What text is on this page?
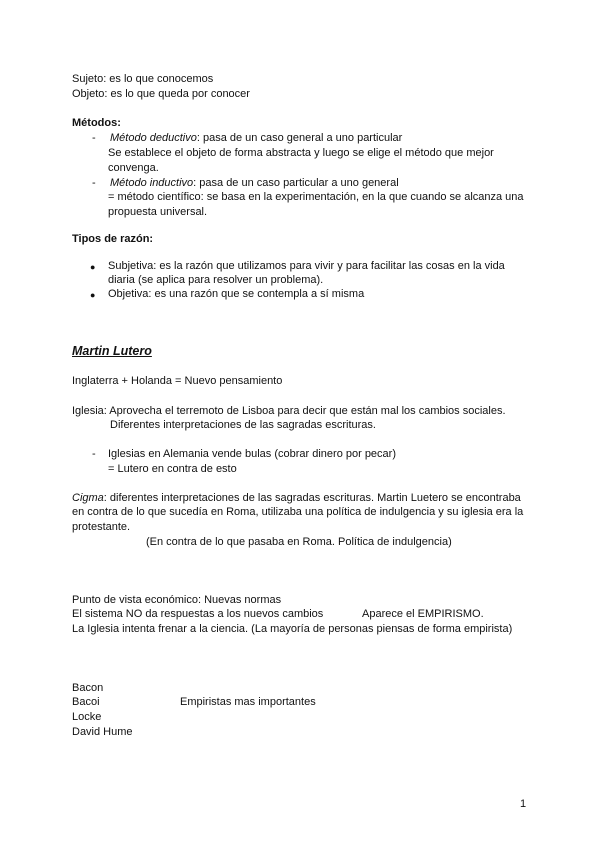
Sujeto: es lo que conocemos
Objeto: es lo que queda por conocer
Métodos:
- Método deductivo: pasa de un caso general a uno particular
Se establece el objeto de forma abstracta y luego se elige el método que mejor
convenga.
- Método inductivo: pasa de un caso particular a uno general
= método científico: se basa en la experimentación, en la que cuando se alcanza una
propuesta universal.
Tipos de razón:
● Subjetiva: es la razón que utilizamos para vivir y para facilitar las cosas en la vida
diaria (se aplica para resolver un problema).
● Objetiva: es una razón que se contempla a sí misma
Martin Lutero
Inglaterra + Holanda = Nuevo pensamiento
Iglesia: Aprovecha el terremoto de Lisboa para decir que están mal los cambios sociales.
Diferentes interpretaciones de las sagradas escrituras.
- Iglesias en Alemania vende bulas (cobrar dinero por pecar)
= Lutero en contra de esto
Cigma: diferentes interpretaciones de las sagradas escrituras. Martin Luetero se encontraba
en contra de lo que sucedía en Roma, utilizaba una política de indulgencia y su iglesia era la
protestante.
(En contra de lo que pasaba en Roma. Política de indulgencia)
Punto de vista económico: Nuevas normas
El sistema NO da respuestas a los nuevos cambios	Aparece el EMPIRISMO.
La Iglesia intenta frenar a la ciencia. (La mayoría de personas piensas de forma empirista)
Bacon
Bacoi	Empiristas mas importantes
Locke
David Hume
1
